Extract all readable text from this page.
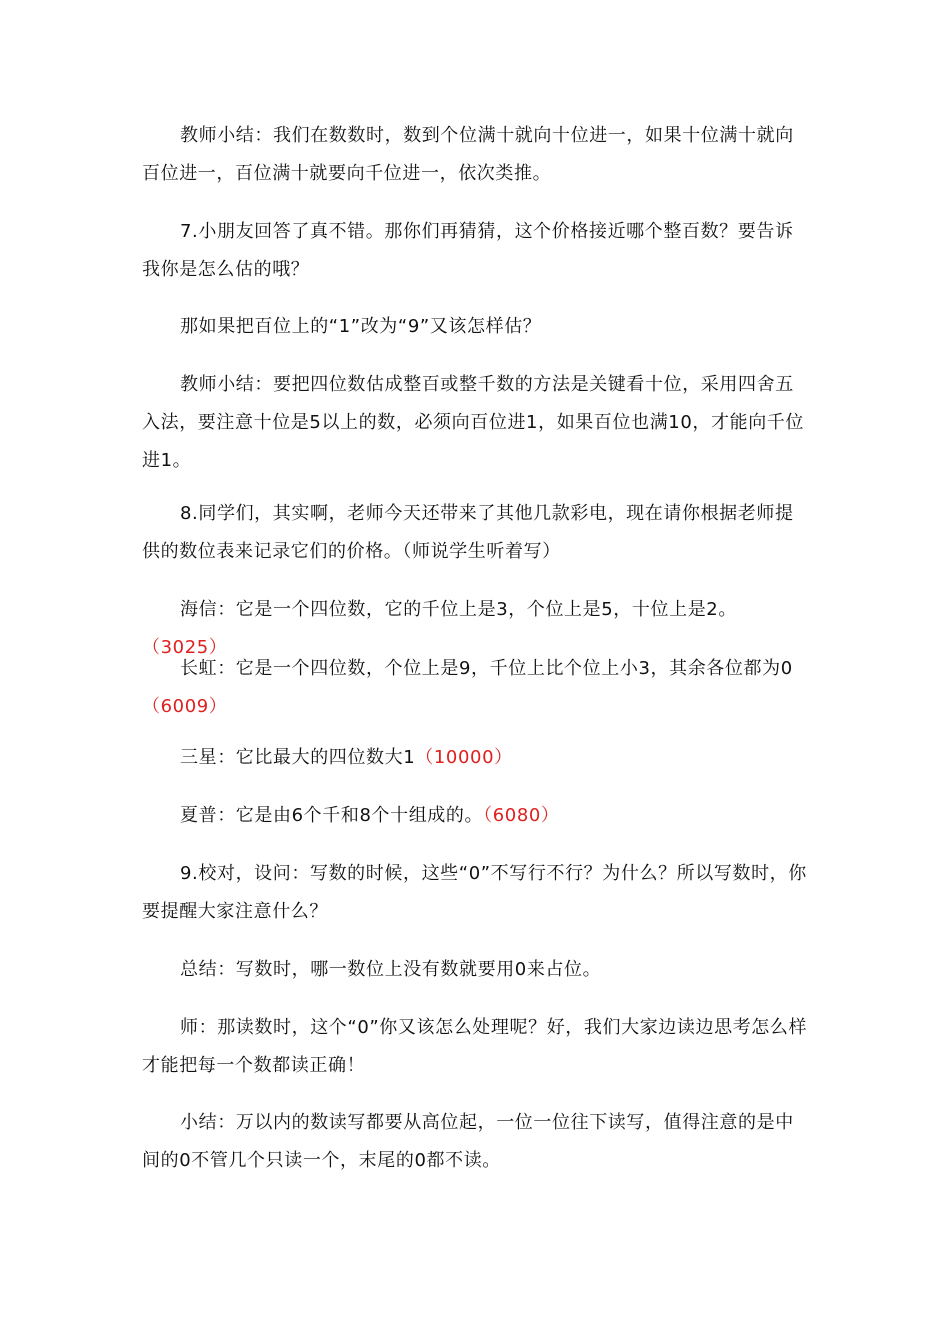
教师小结：我们在数数时，数到个位满十就向十位进一，如果十位满十就向百位进一，百位满十就要向千位进一，依次类推。

7.小朋友回答了真不错。那你们再猜猜，这个价格接近哪个整百数？要告诉我你是怎么估的哦？

那如果把百位上的“1”改为“9”又该怎样估？

教师小结：要把四位数估成整百或整千数的方法是关键看十位，采用四舍五入法，要注意十位是5以上的数，必须向百位进1，如果百位也满10，才能向千位进1。

8.同学们，其实啊，老师今天还带来了其他几款彩电，现在请你根据老师提供的数位表来记录它们的价格。（师说学生听着写）

海信：它是一个四位数，它的千位上是3，个位上是5，十位上是2。（3025）

长虹：它是一个四位数，个位上是9，千位上比个位上小3，其余各位都为0（6009）

三星：它比最大的四位数大1（10000）

夏普：它是由6个千和8个十组成的。（6080）

9.校对，设问：写数的时候，这些“0”不写行不行？为什么？所以写数时，你要提醒大家注意什么？

总结：写数时，哪一数位上没有数就要用0来占位。

师：那读数时，这个“0”你又该怎么处理呢？好，我们大家边读边思考怎么样才能把每一个数都读正确！

小结：万以内的数读写都要从高位起，一位一位往下读写，值得注意的是中间的0不管几个只读一个，末尾的0都不读。
